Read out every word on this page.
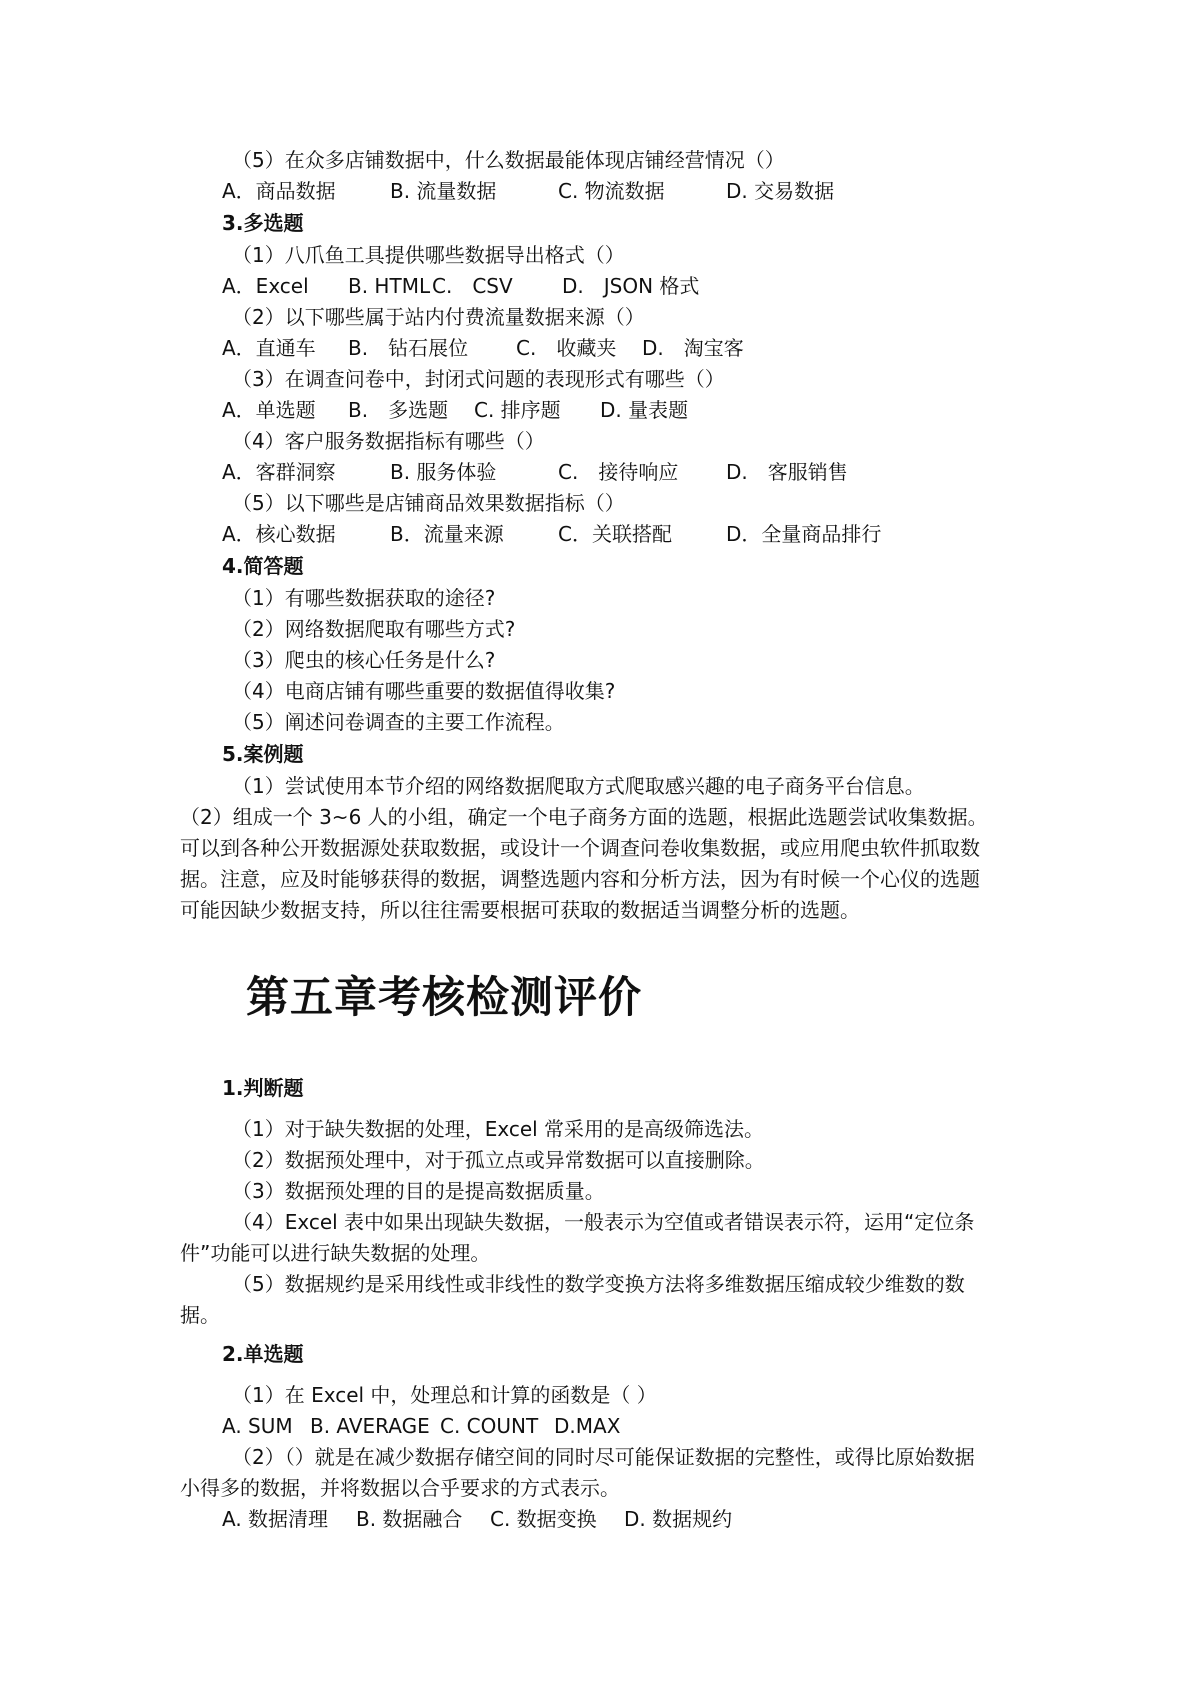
（5）在众多店铺数据中，什么数据最能体现店铺经营情况（）
A．商品数据	B. 流量数据	C. 物流数据	D. 交易数据
3.多选题
（1）八爪鱼工具提供哪些数据导出格式（）
A．Excel	B. HTML C.　CSV	D.　JSON 格式
（2）以下哪些属于站内付费流量数据来源（）
A．直通车	B.　钻石展位	C.　收藏夹	D.　淘宝客
（3）在调查问卷中，封闭式问题的表现形式有哪些（）
A．单选题	B.　多选题	C. 排序题	D. 量表题
（4）客户服务数据指标有哪些（）
A．客群洞察	B. 服务体验	C.　接待响应	D.　客服销售
（5）以下哪些是店铺商品效果数据指标（）
A．核心数据	B．流量来源	C．关联搭配	D．全量商品排行
4.简答题
（1）有哪些数据获取的途径?
（2）网络数据爬取有哪些方式?
（3）爬虫的核心任务是什么?
（4）电商店铺有哪些重要的数据值得收集?
（5）阐述问卷调查的主要工作流程。
5.案例题
（1）尝试使用本节介绍的网络数据爬取方式爬取感兴趣的电子商务平台信息。
（2）组成一个 3~6 人的小组，确定一个电子商务方面的选题，根据此选题尝试收集数据。
可以到各种公开数据源处获取数据，或设计一个调查问卷收集数据，或应用爬虫软件抓取数
据。注意，应及时能够获得的数据，调整选题内容和分析方法，因为有时候一个心仪的选题
可能因缺少数据支持，所以往往需要根据可获取的数据适当调整分析的选题。
第五章考核检测评价
1.判断题
（1）对于缺失数据的处理，Excel 常采用的是高级筛选法。
（2）数据预处理中，对于孤立点或异常数据可以直接删除。
（3）数据预处理的目的是提高数据质量。
（4）Excel 表中如果出现缺失数据，一般表示为空值或者错误表示符，运用“定位条
件”功能可以进行缺失数据的处理。
（5）数据规约是采用线性或非线性的数学变换方法将多维数据压缩成较少维数的数
据。
2.单选题
（1）在 Excel 中，处理总和计算的函数是（ ）
A. SUM B. AVERAGE C. COUNT D.MAX
（2）（）就是在减少数据存储空间的同时尽可能保证数据的完整性，或得比原始数据
小得多的数据，并将数据以合乎要求的方式表示。
A. 数据清理	B. 数据融合	C. 数据变换	D. 数据规约
